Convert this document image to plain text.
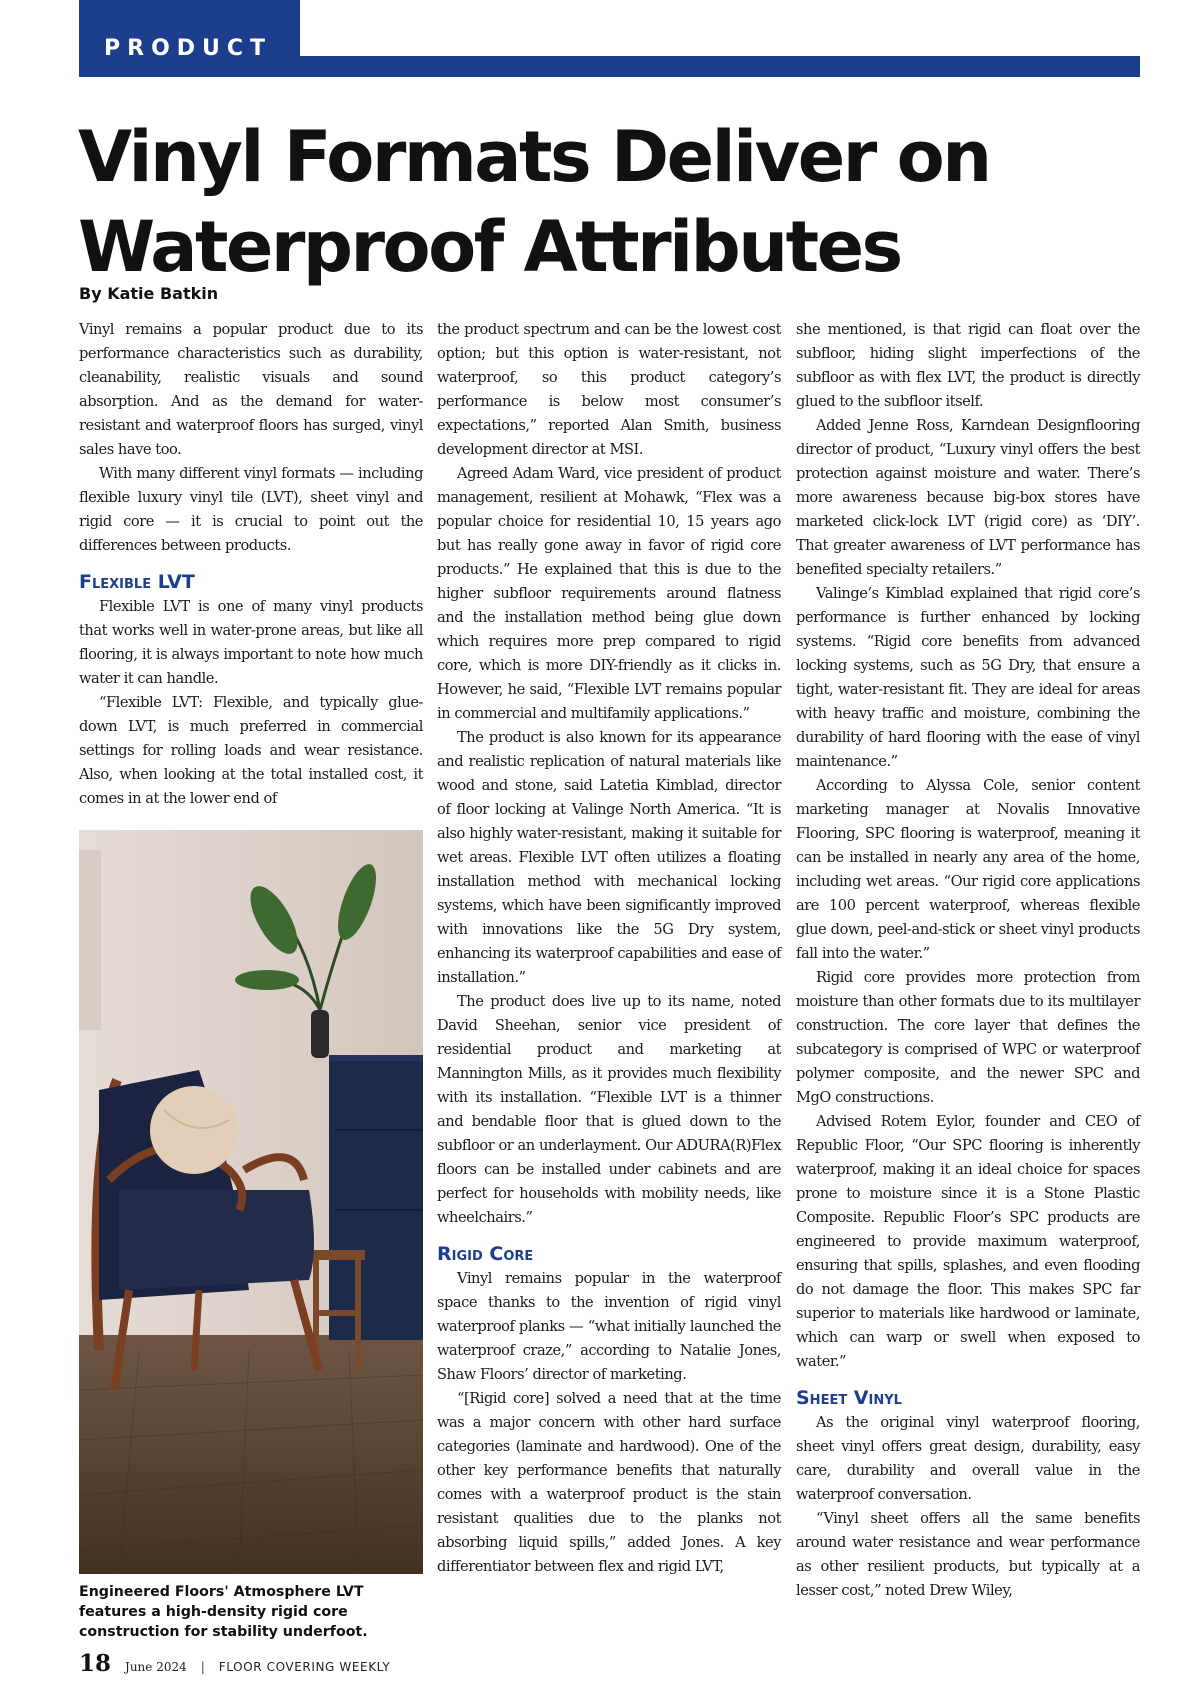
PRODUCT
Vinyl Formats Deliver on Waterproof Attributes
By Katie Batkin

Vinyl remains a popular product due to its performance characteristics such as durability, cleanability, realistic visuals and sound absorption. And as the demand for water-resistant and waterproof floors has surged, vinyl sales have too.

With many different vinyl formats — including flexible luxury vinyl tile (LVT), sheet vinyl and rigid core — it is crucial to point out the differences between products.

Flexible LVT

Flexible LVT is one of many vinyl products that works well in water-prone areas, but like all flooring, it is always important to note how much water it can handle.

“Flexible LVT: Flexible, and typically glue-down LVT, is much preferred in commercial settings for rolling loads and wear resistance. Also, when looking at the total installed cost, it comes in at the lower end of

Engineered Floors' Atmosphere LVT features a high-density rigid core construction for stability underfoot.

the product spectrum and can be the lowest cost option; but this option is water-resistant, not waterproof, so this product category’s performance is below most consumer’s expectations,” reported Alan Smith, business development director at MSI.

Agreed Adam Ward, vice president of product management, resilient at Mohawk, “Flex was a popular choice for residential 10, 15 years ago but has really gone away in favor of rigid core products.” He explained that this is due to the higher subfloor requirements around flatness and the installation method being glue down which requires more prep compared to rigid core, which is more DIY-friendly as it clicks in. However, he said, “Flexible LVT remains popular in commercial and multifamily applications.”

The product is also known for its appearance and realistic replication of natural materials like wood and stone, said Latetia Kimblad, director of floor locking at Valinge North America. “It is also highly water-resistant, making it suitable for wet areas. Flexible LVT often utilizes a floating installation method with mechanical locking systems, which have been significantly improved with innovations like the 5G Dry system, enhancing its waterproof capabilities and ease of installation.”

The product does live up to its name, noted David Sheehan, senior vice president of residential product and marketing at Mannington Mills, as it provides much flexibility with its installation. “Flexible LVT is a thinner and bendable floor that is glued down to the subfloor or an underlayment. Our ADURA(R)Flex floors can be installed under cabinets and are perfect for households with mobility needs, like wheelchairs.”

Rigid Core

Vinyl remains popular in the waterproof space thanks to the invention of rigid vinyl waterproof planks — “what initially launched the waterproof craze,” according to Natalie Jones, Shaw Floors’ director of marketing.

“[Rigid core] solved a need that at the time was a major concern with other hard surface categories (laminate and hardwood). One of the other key performance benefits that naturally comes with a waterproof product is the stain resistant qualities due to the planks not absorbing liquid spills,” added Jones. A key differentiator between flex and rigid LVT,

she mentioned, is that rigid can float over the subfloor, hiding slight imperfections of the subfloor as with flex LVT, the product is directly glued to the subfloor itself.

Added Jenne Ross, Karndean Designflooring director of product, “Luxury vinyl offers the best protection against moisture and water. There’s more awareness because big-box stores have marketed click-lock LVT (rigid core) as ‘DIY’. That greater awareness of LVT performance has benefited specialty retailers.”

Valinge’s Kimblad explained that rigid core’s performance is further enhanced by locking systems. “Rigid core benefits from advanced locking systems, such as 5G Dry, that ensure a tight, water-resistant fit. They are ideal for areas with heavy traffic and moisture, combining the durability of hard flooring with the ease of vinyl maintenance.”

According to Alyssa Cole, senior content marketing manager at Novalis Innovative Flooring, SPC flooring is waterproof, meaning it can be installed in nearly any area of the home, including wet areas. “Our rigid core applications are 100 percent waterproof, whereas flexible glue down, peel-and-stick or sheet vinyl products fall into the water.”

Rigid core provides more protection from moisture than other formats due to its multilayer construction. The core layer that defines the subcategory is comprised of WPC or waterproof polymer composite, and the newer SPC and MgO constructions.

Advised Rotem Eylor, founder and CEO of Republic Floor, “Our SPC flooring is inherently waterproof, making it an ideal choice for spaces prone to moisture since it is a Stone Plastic Composite. Republic Floor’s SPC products are engineered to provide maximum waterproof, ensuring that spills, splashes, and even flooding do not damage the floor. This makes SPC far superior to materials like hardwood or laminate, which can warp or swell when exposed to water.”

Sheet Vinyl

As the original vinyl waterproof flooring, sheet vinyl offers great design, durability, easy care, durability and overall value in the waterproof conversation.

“Vinyl sheet offers all the same benefits around water resistance and wear performance as other resilient products, but typically at a lesser cost,” noted Drew Wiley,

18 June 2024 | FLOOR COVERING WEEKLY
